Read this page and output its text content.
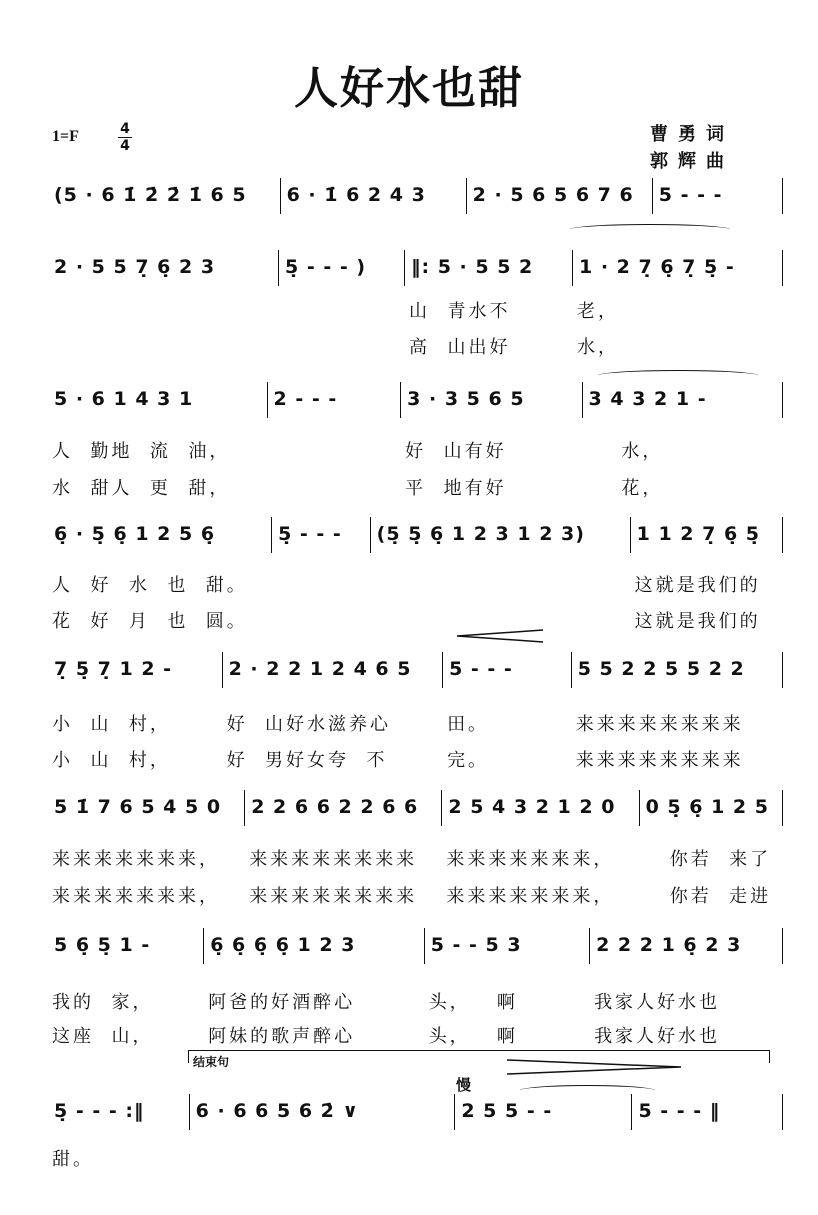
人好水也甜
1=F	4
4
曹勇词
郭辉曲
(5 · 6 1̇ 2̇ 2̇ 1̇ 6 5	6 · 1̇ 6 2 4 3	2 · 5 6 5 6 7 6	5 - - -
2 · 5 5 7̣ 6̣ 2 3	5̣ - - - )	‖: 5 · 5 5 2	1 · 2 7̣ 6̣ 7̣ 5̣ -
山  青水不	老，
高  山出好	水，
5 · 6 1 4 3 1	2 - - -	3 · 3 5 6 5	3 4 3 2 1 -
人  勤地  流  油，	好  山有好	水，
水  甜人  更  甜，	平  地有好	花，
6̣ · 5̣ 6̣ 1 2 5 6̣	5̣ - - -	(5̣ 5̣ 6̣ 1 2 3 1 2 3)	1 1 2 7̣ 6̣ 5̣
人  好  水  也  甜。	这就是我们的
花  好  月  也  圆。	这就是我们的
7̣ 5̣ 7̣ 1 2 -	2 · 2 2 1 2 4 6 5	5 - - -	5 5 2 2 5 5 2 2
小  山  村，	好  山好水滋养心	田。	来来来来来来来来
小  山  村，	好  男好女夸  不	完。	来来来来来来来来
5 1̇ 7 6 5 4 5 0	2 2 6 6 2 2 6 6	2 5 4 3 2 1 2 0	0 5̣ 6̣ 1 2 5
来来来来来来来，	来来来来来来来来	来来来来来来来，	你若  来了
来来来来来来来，	来来来来来来来来	来来来来来来来，	你若  走进
5 6̣ 5̣ 1 -	6̣ 6̣ 6̣ 6̣ 1 2 3	5 - - 5 3	2 2 2 1 6̣ 2 3
我的  家，	阿爸的好酒醉心	头，   啊	我家人好水也
这座  山，	阿妹的歌声醉心	头，   啊	我家人好水也
5̣ - - - :‖	6 · 6 6 5 6 2̇ ∨	2 5 5 - -	5 - - - ‖
甜。
结束句
慢
